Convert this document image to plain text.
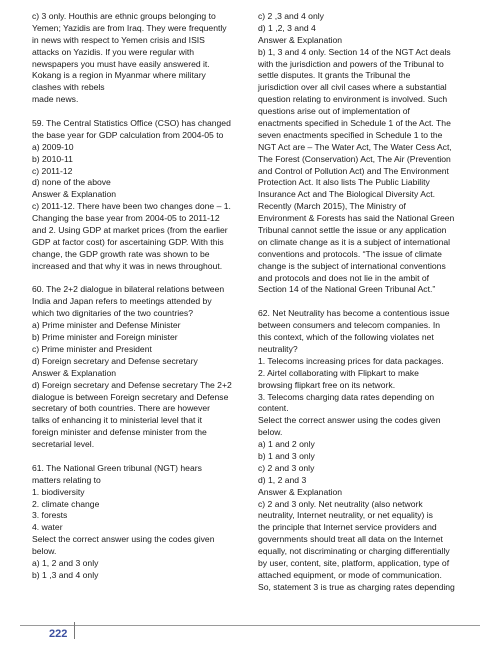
c) 3 only. Houthis are ethnic groups belonging to
Yemen; Yazidis are from Iraq. They were frequently
in news with respect to Yemen crisis and ISIS
attacks on Yazidis. If you were regular with
newspapers you must have easily answered it.
Kokang is a region in Myanmar where military
clashes with rebels
made news.
59. The Central Statistics Office (CSO) has changed
the base year for GDP calculation from 2004-05 to
a) 2009-10
b) 2010-11
c) 2011-12
d) none of the above
Answer & Explanation
c) 2011-12. There have been two changes done – 1.
Changing the base year from 2004-05 to 2011-12
and 2. Using GDP at market prices (from the earlier
GDP at factor cost) for ascertaining GDP. With this
change, the GDP growth rate was shown to be
increased and that why it was in news throughout.
60. The 2+2 dialogue in bilateral relations between
India and Japan refers to meetings attended by
which two dignitaries of the two countries?
a) Prime minister and Defense Minister
b) Prime minister and Foreign minister
c) Prime minister and President
d) Foreign secretary and Defense secretary
Answer & Explanation
d) Foreign secretary and Defense secretary The 2+2
dialogue is between Foreign secretary and Defense
secretary of both countries. There are however
talks of enhancing it to ministerial level that it
foreign minister and defense minister from the
secretarial level.
61. The National Green tribunal (NGT) hears
matters relating to
1. biodiversity
2. climate change
3. forests
4. water
Select the correct answer using the codes given
below.
a) 1, 2 and 3 only
b) 1 ,3 and 4 only
c) 2 ,3 and 4 only
d) 1 ,2, 3 and 4
Answer & Explanation
b) 1, 3 and 4 only. Section 14 of the NGT Act deals
with the jurisdiction and powers of the Tribunal to
settle disputes. It grants the Tribunal the
jurisdiction over all civil cases where a substantial
question relating to environment is involved. Such
questions arise out of implementation of
enactments specified in Schedule 1 of the Act. The
seven enactments specified in Schedule 1 to the
NGT Act are – The Water Act, The Water Cess Act,
The Forest (Conservation) Act, The Air (Prevention
and Control of Pollution Act) and The Environment
Protection Act. It also lists The Public Liability
Insurance Act and The Biological Diversity Act.
Recently (March 2015), The Ministry of
Environment & Forests has said the National Green
Tribunal cannot settle the issue or any application
on climate change as it is a subject of international
conventions and protocols. “The issue of climate
change is the subject of international conventions
and protocols and does not lie in the ambit of
Section 14 of the National Green Tribunal Act.”
62. Net Neutrality has become a contentious issue
between consumers and telecom companies. In
this context, which of the following violates net
neutrality?
1. Telecoms increasing prices for data packages.
2. Airtel collaborating with Flipkart to make
browsing flipkart free on its network.
3. Telecoms charging data rates depending on
content.
Select the correct answer using the codes given
below.
a) 1 and 2 only
b) 1 and 3 only
c) 2 and 3 only
d) 1, 2 and 3
Answer & Explanation
c) 2 and 3 only. Net neutrality (also network
neutrality, Internet neutrality, or net equality) is
the principle that Internet service providers and
governments should treat all data on the Internet
equally, not discriminating or charging differentially
by user, content, site, platform, application, type of
attached equipment, or mode of communication.
So, statement 3 is true as charging rates depending
222
